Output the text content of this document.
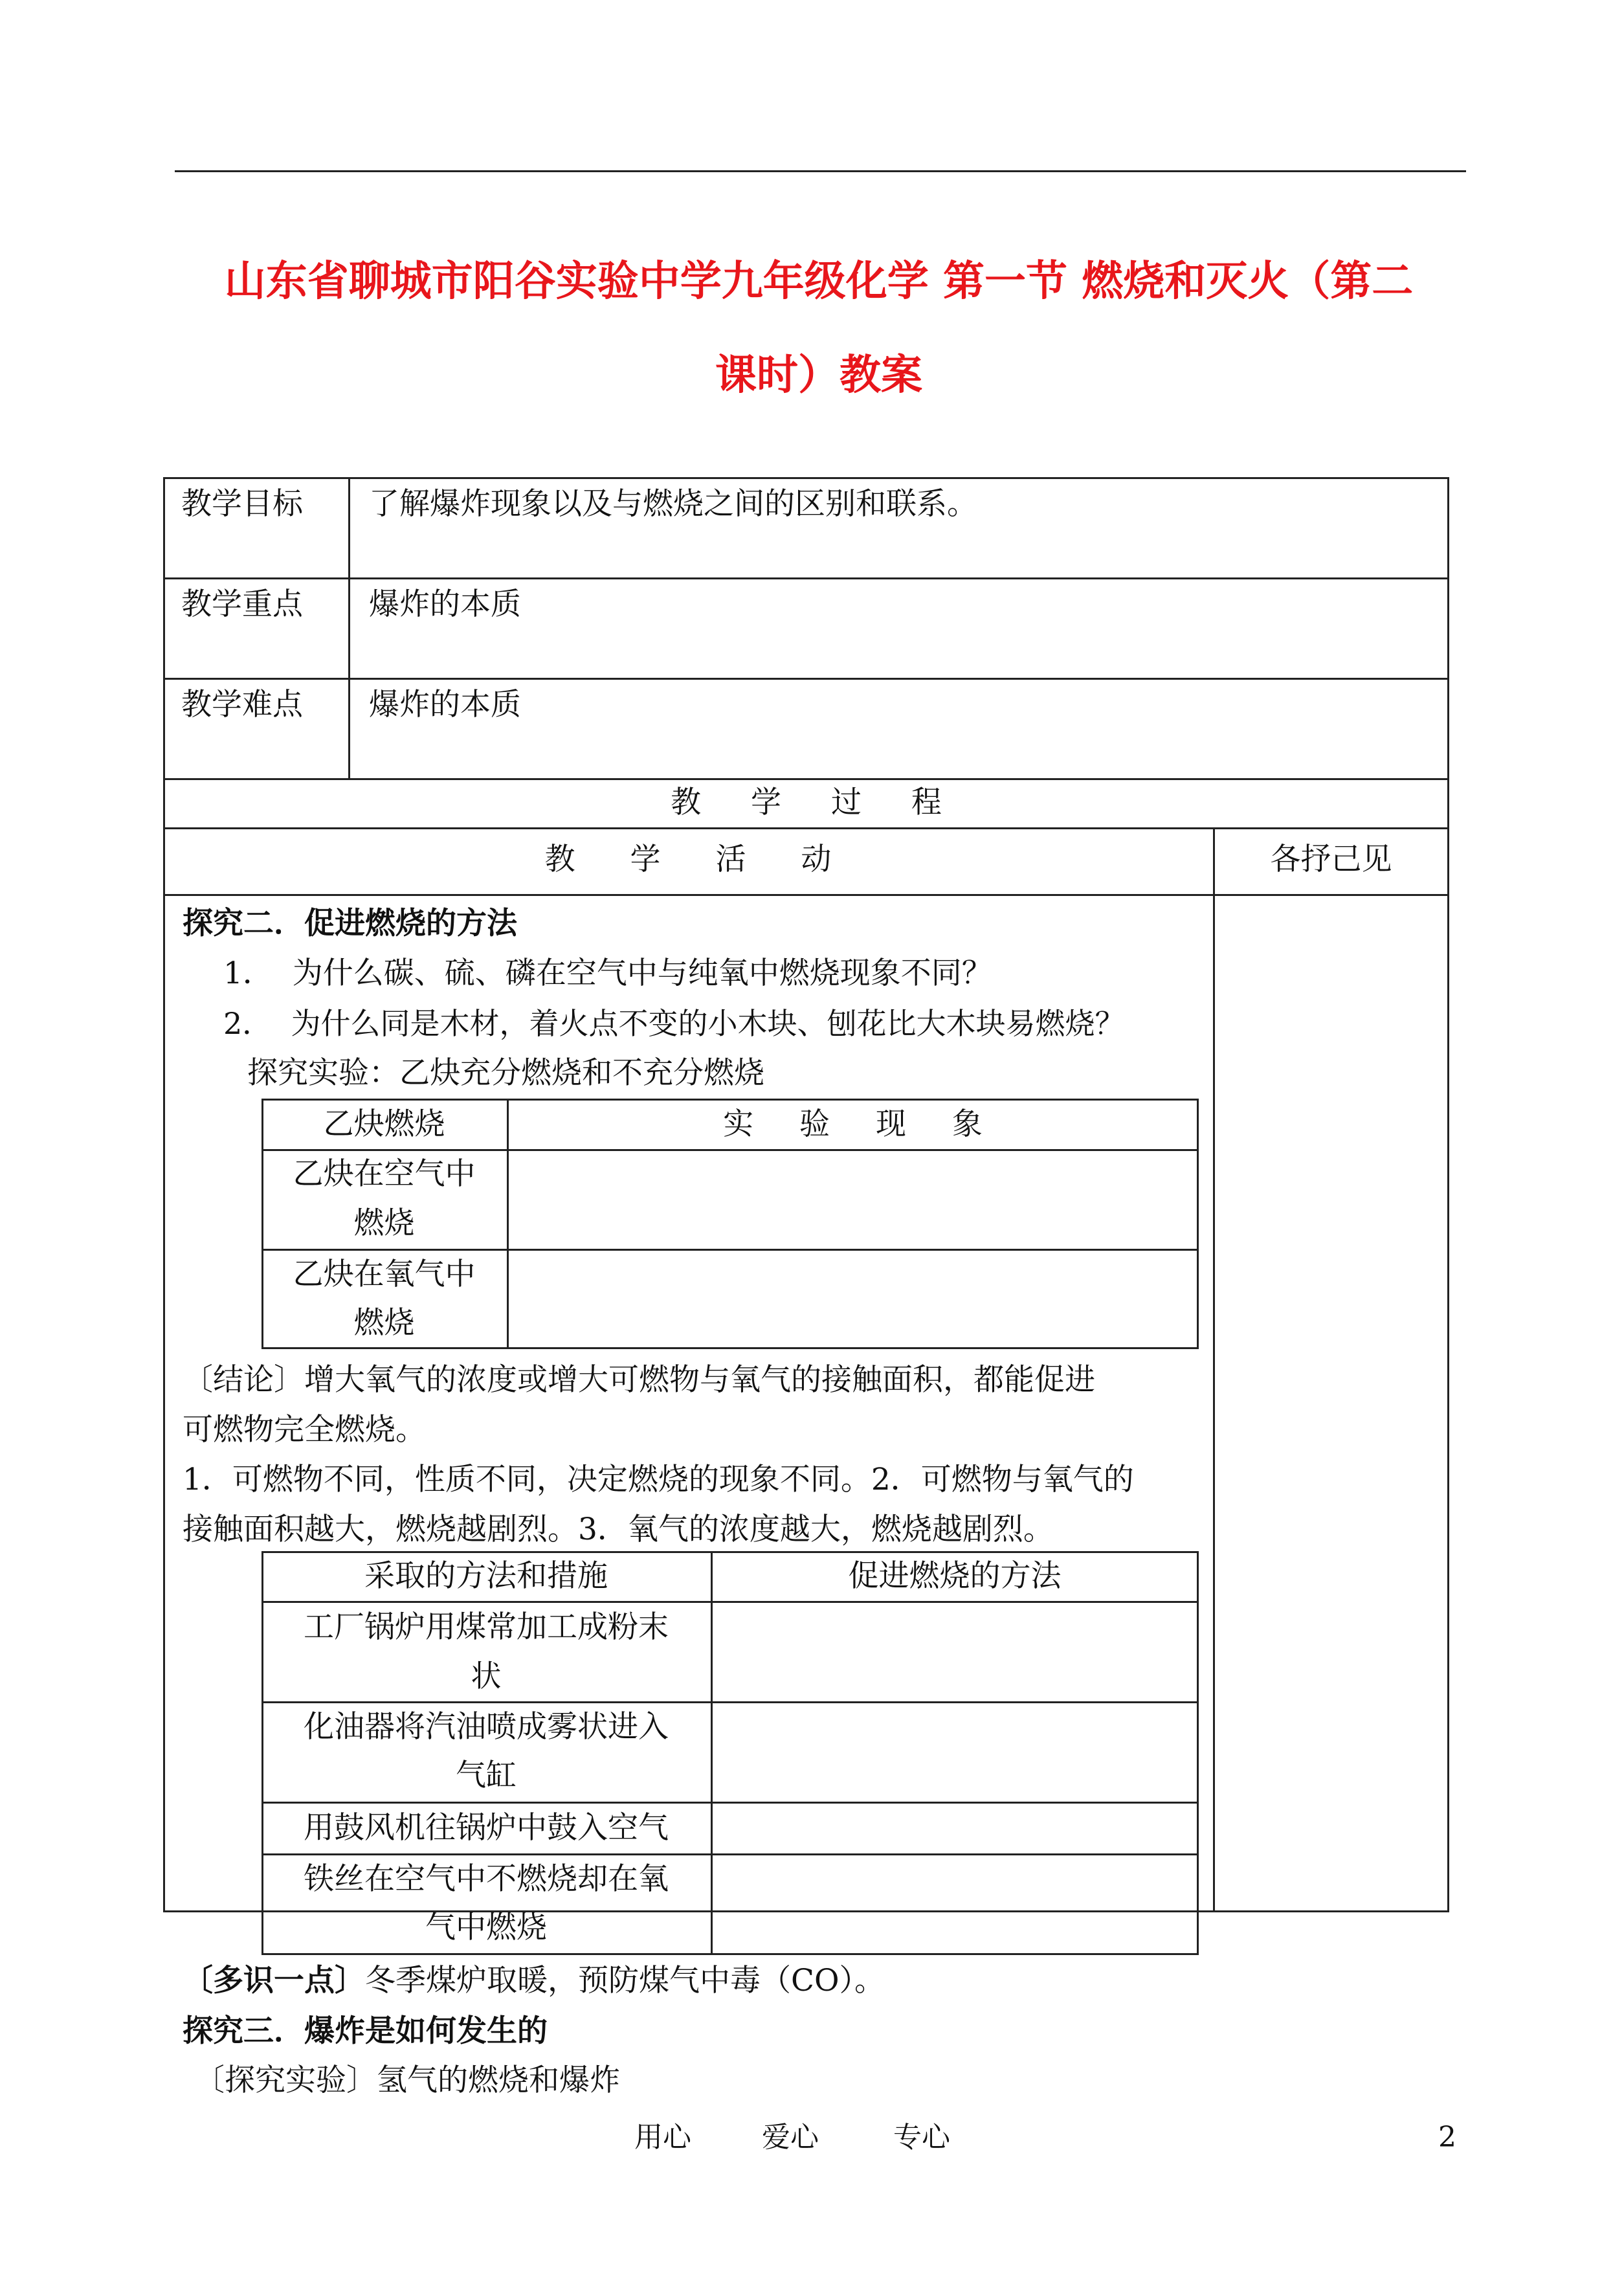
山东省聊城市阳谷实验中学九年级化学 第一节 燃烧和灭火（第二
课时）教案
教学目标 了解爆炸现象以及与燃烧之间的区别和联系。
教学重点 爆炸的本质
教学难点 爆炸的本质
教 学 过 程
教 学 活 动	各抒己见
探究二．促进燃烧的方法
1．  为什么碳、硫、磷在空气中与纯氧中燃烧现象不同？
2．  为什么同是木材，着火点不变的小木块、刨花比大木块易燃烧？
探究实验：乙炔充分燃烧和不充分燃烧
乙炔燃烧	实 验 现 象
乙炔在空气中
燃烧
乙炔在氧气中
燃烧
〔结论〕增大氧气的浓度或增大可燃物与氧气的接触面积，都能促进
可燃物完全燃烧。
1．可燃物不同，性质不同，决定燃烧的现象不同。2．可燃物与氧气的
接触面积越大，燃烧越剧烈。3．氧气的浓度越大，燃烧越剧烈。
采取的方法和措施	促进燃烧的方法
工厂锅炉用煤常加工成粉末
状
化油器将汽油喷成雾状进入
气缸
用鼓风机往锅炉中鼓入空气
铁丝在空气中不燃烧却在氧
气中燃烧
〔多识一点〕冬季煤炉取暖，预防煤气中毒（CO）。
探究三．爆炸是如何发生的
〔探究实验〕氢气的燃烧和爆炸
用心 爱心	专心	2
